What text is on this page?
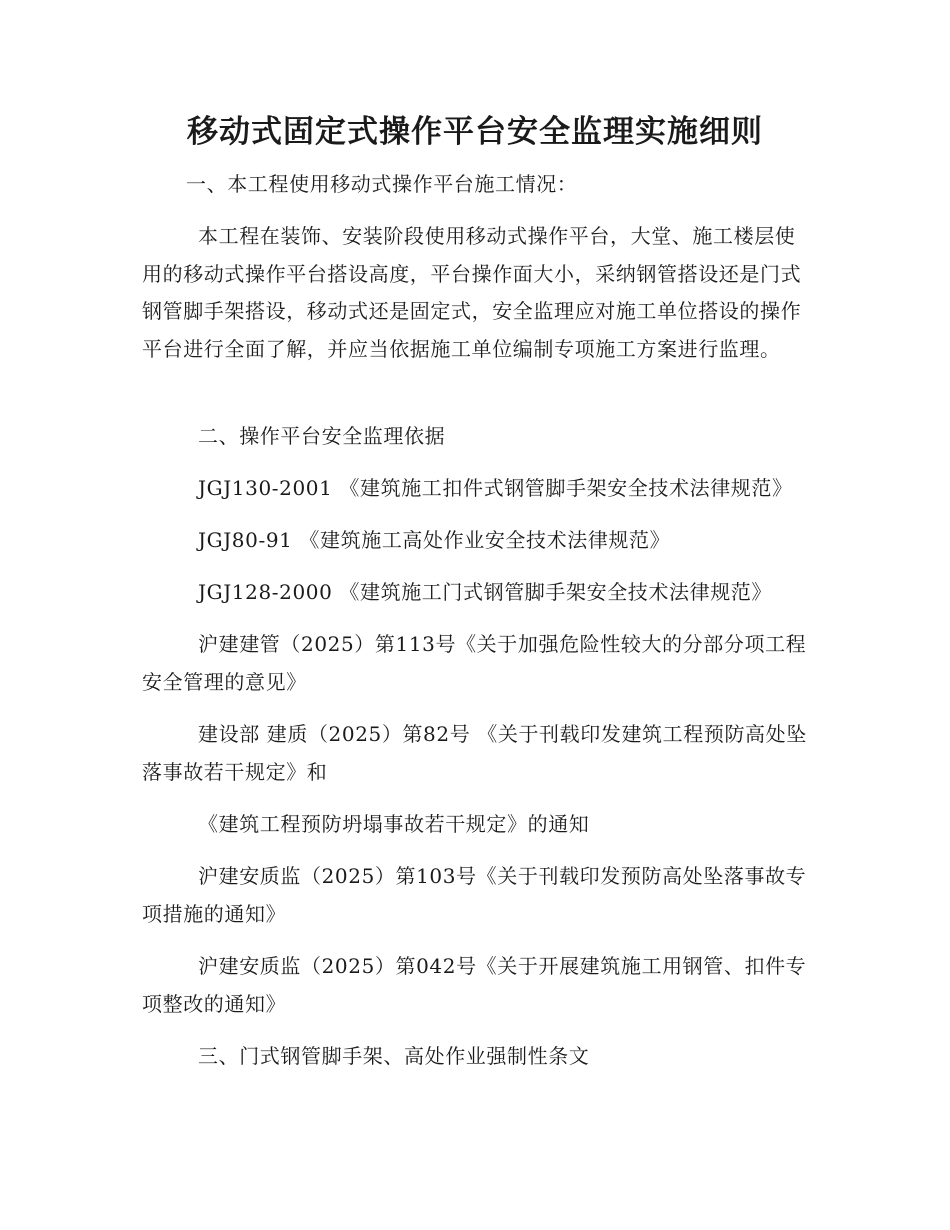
移动式固定式操作平台安全监理实施细则

一、本工程使用移动式操作平台施工情况：

本工程在装饰、安装阶段使用移动式操作平台，大堂、施工楼层使用的移动式操作平台搭设高度，平台操作面大小，采纳钢管搭设还是门式钢管脚手架搭设，移动式还是固定式，安全监理应对施工单位搭设的操作平台进行全面了解，并应当依据施工单位编制专项施工方案进行监理。

二、操作平台安全监理依据

JGJ130-2001 《建筑施工扣件式钢管脚手架安全技术法律规范》

JGJ80-91 《建筑施工高处作业安全技术法律规范》

JGJ128-2000 《建筑施工门式钢管脚手架安全技术法律规范》

沪建建管（2025）第113号《关于加强危险性较大的分部分项工程安全管理的意见》

建设部 建质（2025）第82号 《关于刊载印发建筑工程预防高处坠落事故若干规定》和

《建筑工程预防坍塌事故若干规定》的通知

沪建安质监（2025）第103号《关于刊载印发预防高处坠落事故专项措施的通知》

沪建安质监（2025）第042号《关于开展建筑施工用钢管、扣件专项整改的通知》

三、门式钢管脚手架、高处作业强制性条文
